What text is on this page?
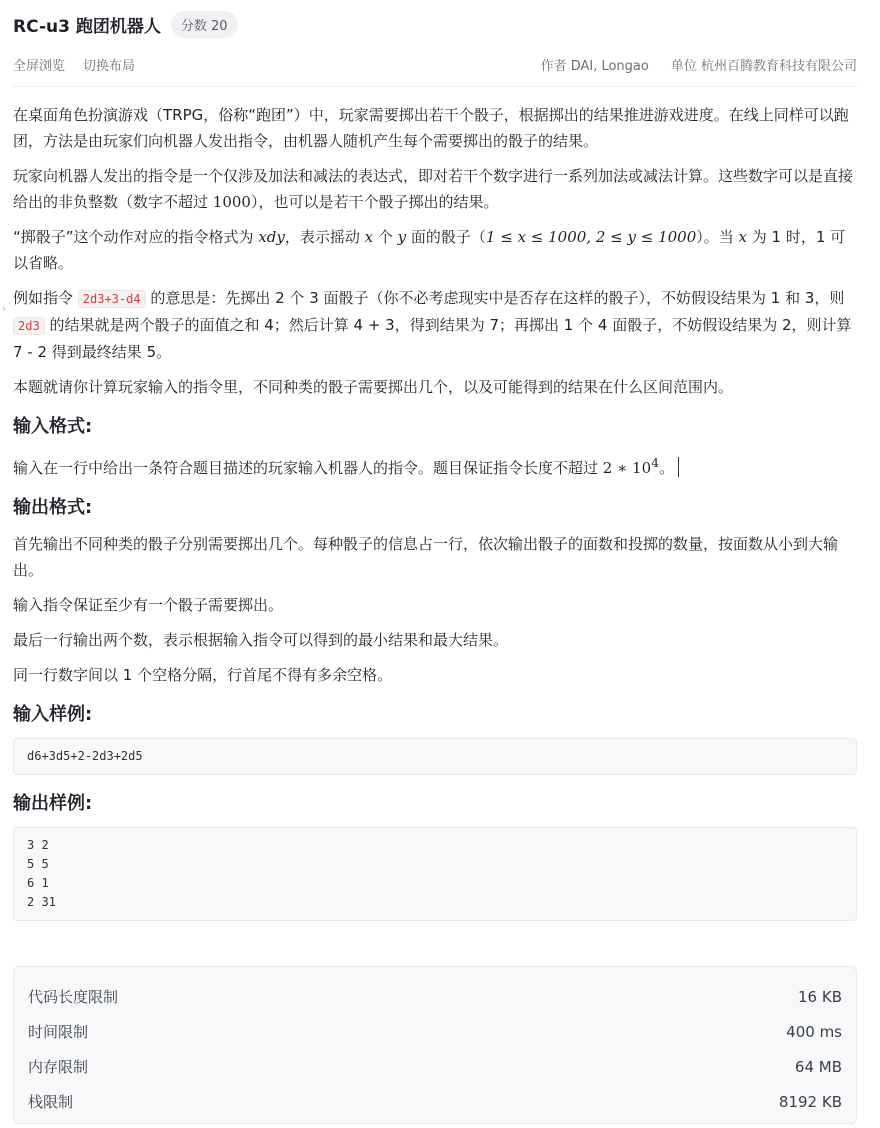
›
RC-u3 跑团机器人	分数 20
全屏浏览 切换布局	作者 DAI, Longao 单位 杭州百腾教育科技有限公司

在桌面角色扮演游戏（TRPG，俗称“跑团”）中，玩家需要掷出若干个骰子，根据掷出的结果推进游戏进度。在线上同样可以跑团，方法是由玩家们向机器人发出指令，由机器人随机产生每个需要掷出的骰子的结果。

玩家向机器人发出的指令是一个仅涉及加法和减法的表达式，即对若干个数字进行一系列加法或减法计算。这些数字可以是直接给出的非负整数（数字不超过 1000），也可以是若干个骰子掷出的结果。

“掷骰子”这个动作对应的指令格式为 xdy，表示摇动 x 个 y 面的骰子（1 ≤ x ≤ 1000, 2 ≤ y ≤ 1000）。当 x 为 1 时，1 可以省略。

例如指令 2d3+3-d4 的意思是：先掷出 2 个 3 面骰子（你不必考虑现实中是否存在这样的骰子），不妨假设结果为 1 和 3，则 2d3 的结果就是两个骰子的面值之和 4；然后计算 4 + 3，得到结果为 7；再掷出 1 个 4 面骰子，不妨假设结果为 2，则计算 7 - 2 得到最终结果 5。

本题就请你计算玩家输入的指令里，不同种类的骰子需要掷出几个，以及可能得到的结果在什么区间范围内。

输入格式:

输入在一行中给出一条符合题目描述的玩家输入机器人的指令。题目保证指令长度不超过 2 ∗ $10^4$。

输出格式:

首先输出不同种类的骰子分别需要掷出几个。每种骰子的信息占一行，依次输出骰子的面数和投掷的数量，按面数从小到大输出。

输入指令保证至少有一个骰子需要掷出。

最后一行输出两个数，表示根据输入指令可以得到的最小结果和最大结果。

同一行数字间以 1 个空格分隔，行首尾不得有多余空格。

输入样例:
d6+3d5+2-2d3+2d5
输出样例:
3 2
5 5
6 1
2 31
代码长度限制	16 KB
时间限制	400 ms
内存限制	64 MB
栈限制	8192 KB
